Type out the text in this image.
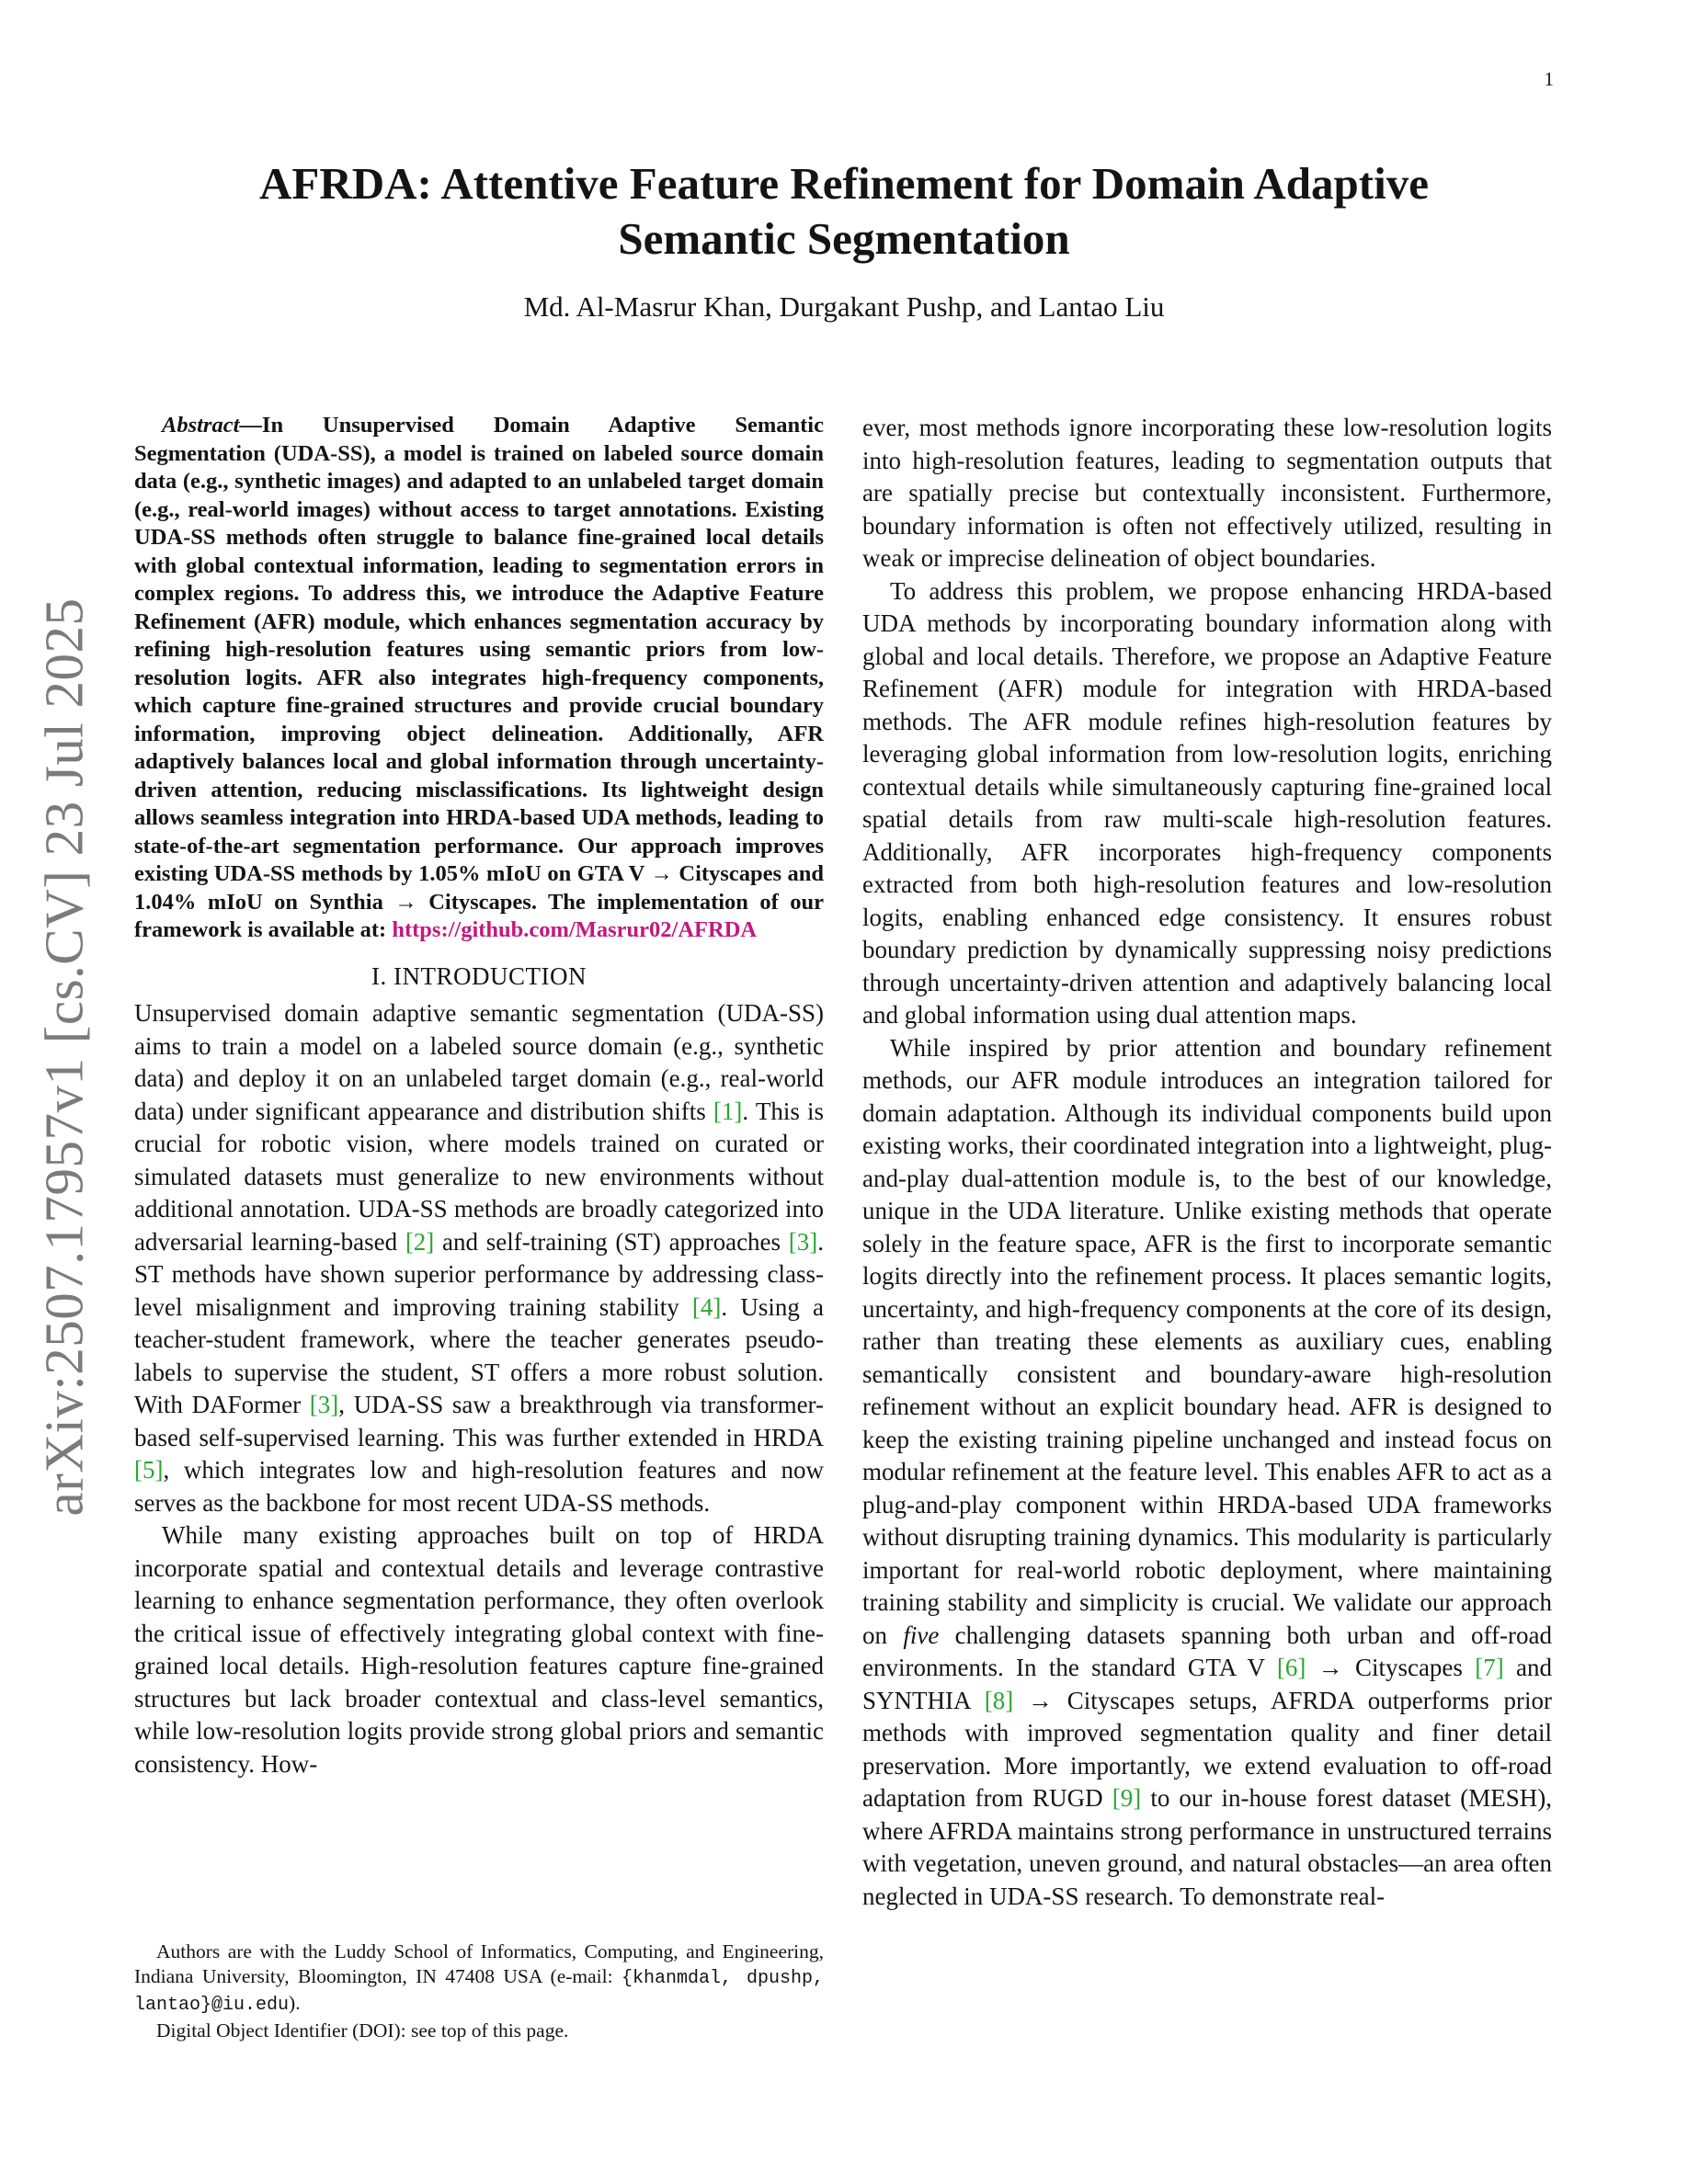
1
arXiv:2507.17957v1 [cs.CV] 23 Jul 2025
AFRDA: Attentive Feature Refinement for Domain Adaptive
Semantic Segmentation
Md. Al-Masrur Khan, Durgakant Pushp, and Lantao Liu

Abstract—In Unsupervised Domain Adaptive Semantic Segmentation (UDA-SS), a model is trained on labeled source domain data (e.g., synthetic images) and adapted to an unlabeled target domain (e.g., real-world images) without access to target annotations. Existing UDA-SS methods often struggle to balance fine-grained local details with global contextual information, leading to segmentation errors in complex regions. To address this, we introduce the Adaptive Feature Refinement (AFR) module, which enhances segmentation accuracy by refining high-resolution features using semantic priors from low-resolution logits. AFR also integrates high-frequency components, which capture fine-grained structures and provide crucial boundary information, improving object delineation. Additionally, AFR adaptively balances local and global information through uncertainty-driven attention, reducing misclassifications. Its lightweight design allows seamless integration into HRDA-based UDA methods, leading to state-of-the-art segmentation performance. Our approach improves existing UDA-SS methods by 1.05% mIoU on GTA V → Cityscapes and 1.04% mIoU on Synthia → Cityscapes. The implementation of our framework is available at: https://github.com/Masrur02/AFRDA

I. INTRODUCTION

Unsupervised domain adaptive semantic segmentation (UDA-SS) aims to train a model on a labeled source domain (e.g., synthetic data) and deploy it on an unlabeled target domain (e.g., real-world data) under significant appearance and distribution shifts [1]. This is crucial for robotic vision, where models trained on curated or simulated datasets must generalize to new environments without additional annotation. UDA-SS methods are broadly categorized into adversarial learning-based [2] and self-training (ST) approaches [3]. ST methods have shown superior performance by addressing class-level misalignment and improving training stability [4]. Using a teacher-student framework, where the teacher generates pseudo-labels to supervise the student, ST offers a more robust solution. With DAFormer [3], UDA-SS saw a breakthrough via transformer-based self-supervised learning. This was further extended in HRDA [5], which integrates low and high-resolution features and now serves as the backbone for most recent UDA-SS methods.

While many existing approaches built on top of HRDA incorporate spatial and contextual details and leverage contrastive learning to enhance segmentation performance, they often overlook the critical issue of effectively integrating global context with fine-grained local details. High-resolution features capture fine-grained structures but lack broader contextual and class-level semantics, while low-resolution logits provide strong global priors and semantic consistency. How-

Authors are with the Luddy School of Informatics, Computing, and Engineering, Indiana University, Bloomington, IN 47408 USA (e-mail: {khanmdal, dpushp, lantao}@iu.edu).

Digital Object Identifier (DOI): see top of this page.

ever, most methods ignore incorporating these low-resolution logits into high-resolution features, leading to segmentation outputs that are spatially precise but contextually inconsistent. Furthermore, boundary information is often not effectively utilized, resulting in weak or imprecise delineation of object boundaries.

To address this problem, we propose enhancing HRDA-based UDA methods by incorporating boundary information along with global and local details. Therefore, we propose an Adaptive Feature Refinement (AFR) module for integration with HRDA-based methods. The AFR module refines high-resolution features by leveraging global information from low-resolution logits, enriching contextual details while simultaneously capturing fine-grained local spatial details from raw multi-scale high-resolution features. Additionally, AFR incorporates high-frequency components extracted from both high-resolution features and low-resolution logits, enabling enhanced edge consistency. It ensures robust boundary prediction by dynamically suppressing noisy predictions through uncertainty-driven attention and adaptively balancing local and global information using dual attention maps.

While inspired by prior attention and boundary refinement methods, our AFR module introduces an integration tailored for domain adaptation. Although its individual components build upon existing works, their coordinated integration into a lightweight, plug-and-play dual-attention module is, to the best of our knowledge, unique in the UDA literature. Unlike existing methods that operate solely in the feature space, AFR is the first to incorporate semantic logits directly into the refinement process. It places semantic logits, uncertainty, and high-frequency components at the core of its design, rather than treating these elements as auxiliary cues, enabling semantically consistent and boundary-aware high-resolution refinement without an explicit boundary head. AFR is designed to keep the existing training pipeline unchanged and instead focus on modular refinement at the feature level. This enables AFR to act as a plug-and-play component within HRDA-based UDA frameworks without disrupting training dynamics. This modularity is particularly important for real-world robotic deployment, where maintaining training stability and simplicity is crucial. We validate our approach on five challenging datasets spanning both urban and off-road environments. In the standard GTA V [6] → Cityscapes [7] and SYNTHIA [8] → Cityscapes setups, AFRDA outperforms prior methods with improved segmentation quality and finer detail preservation. More importantly, we extend evaluation to off-road adaptation from RUGD [9] to our in-house forest dataset (MESH), where AFRDA maintains strong performance in unstructured terrains with vegetation, uneven ground, and natural obstacles—an area often neglected in UDA-SS research. To demonstrate real-
